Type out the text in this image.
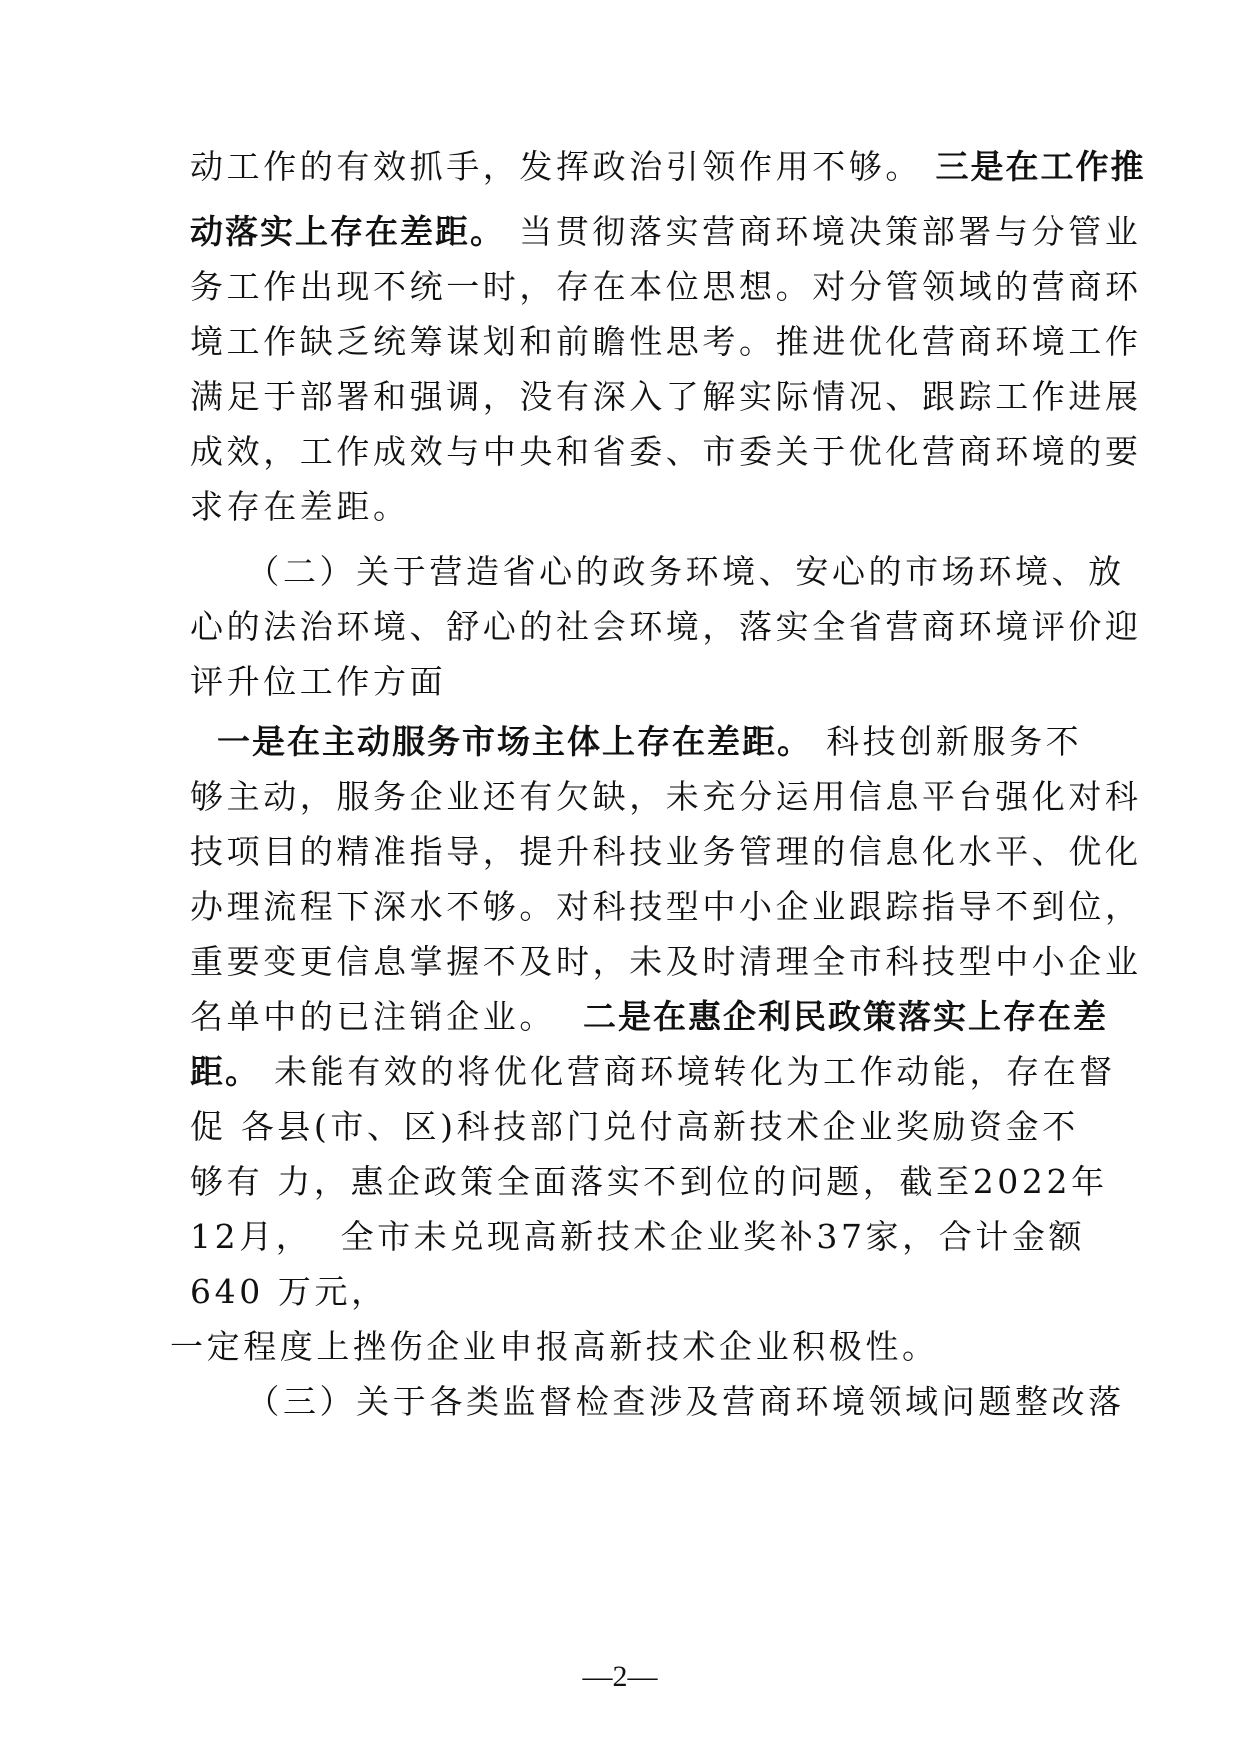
动工作的有效抓手，发挥政治引领作用不够。 三是在工作推
动落实上存在差距。 当贯彻落实营商环境决策部署与分管业
务工作出现不统一时，存在本位思想。对分管领域的营商环
境工作缺乏统筹谋划和前瞻性思考。推进优化营商环境工作
满足于部署和强调，没有深入了解实际情况、跟踪工作进展
成效，工作成效与中央和省委、市委关于优化营商环境的要
求存在差距。
（二）关于营造省心的政务环境、安心的市场环境、放
心的法治环境、舒心的社会环境，落实全省营商环境评价迎
评升位工作方面
一是在主动服务市场主体上存在差距。 科技创新服务不
够主动，服务企业还有欠缺，未充分运用信息平台强化对科
技项目的精准指导，提升科技业务管理的信息化水平、优化
办理流程下深水不够。对科技型中小企业跟踪指导不到位，
重要变更信息掌握不及时，未及时清理全市科技型中小企业
名单中的已注销企业。  二是在惠企利民政策落实上存在差
距。 未能有效的将优化营商环境转化为工作动能，存在督
促 各县(市、区)科技部门兑付高新技术企业奖励资金不
够有 力，惠企政策全面落实不到位的问题，截至2022年
12月，  全市未兑现高新技术企业奖补37家，合计金额
640 万元，
一定程度上挫伤企业申报高新技术企业积极性。
（三）关于各类监督检查涉及营商环境领域问题整改落
—2—
